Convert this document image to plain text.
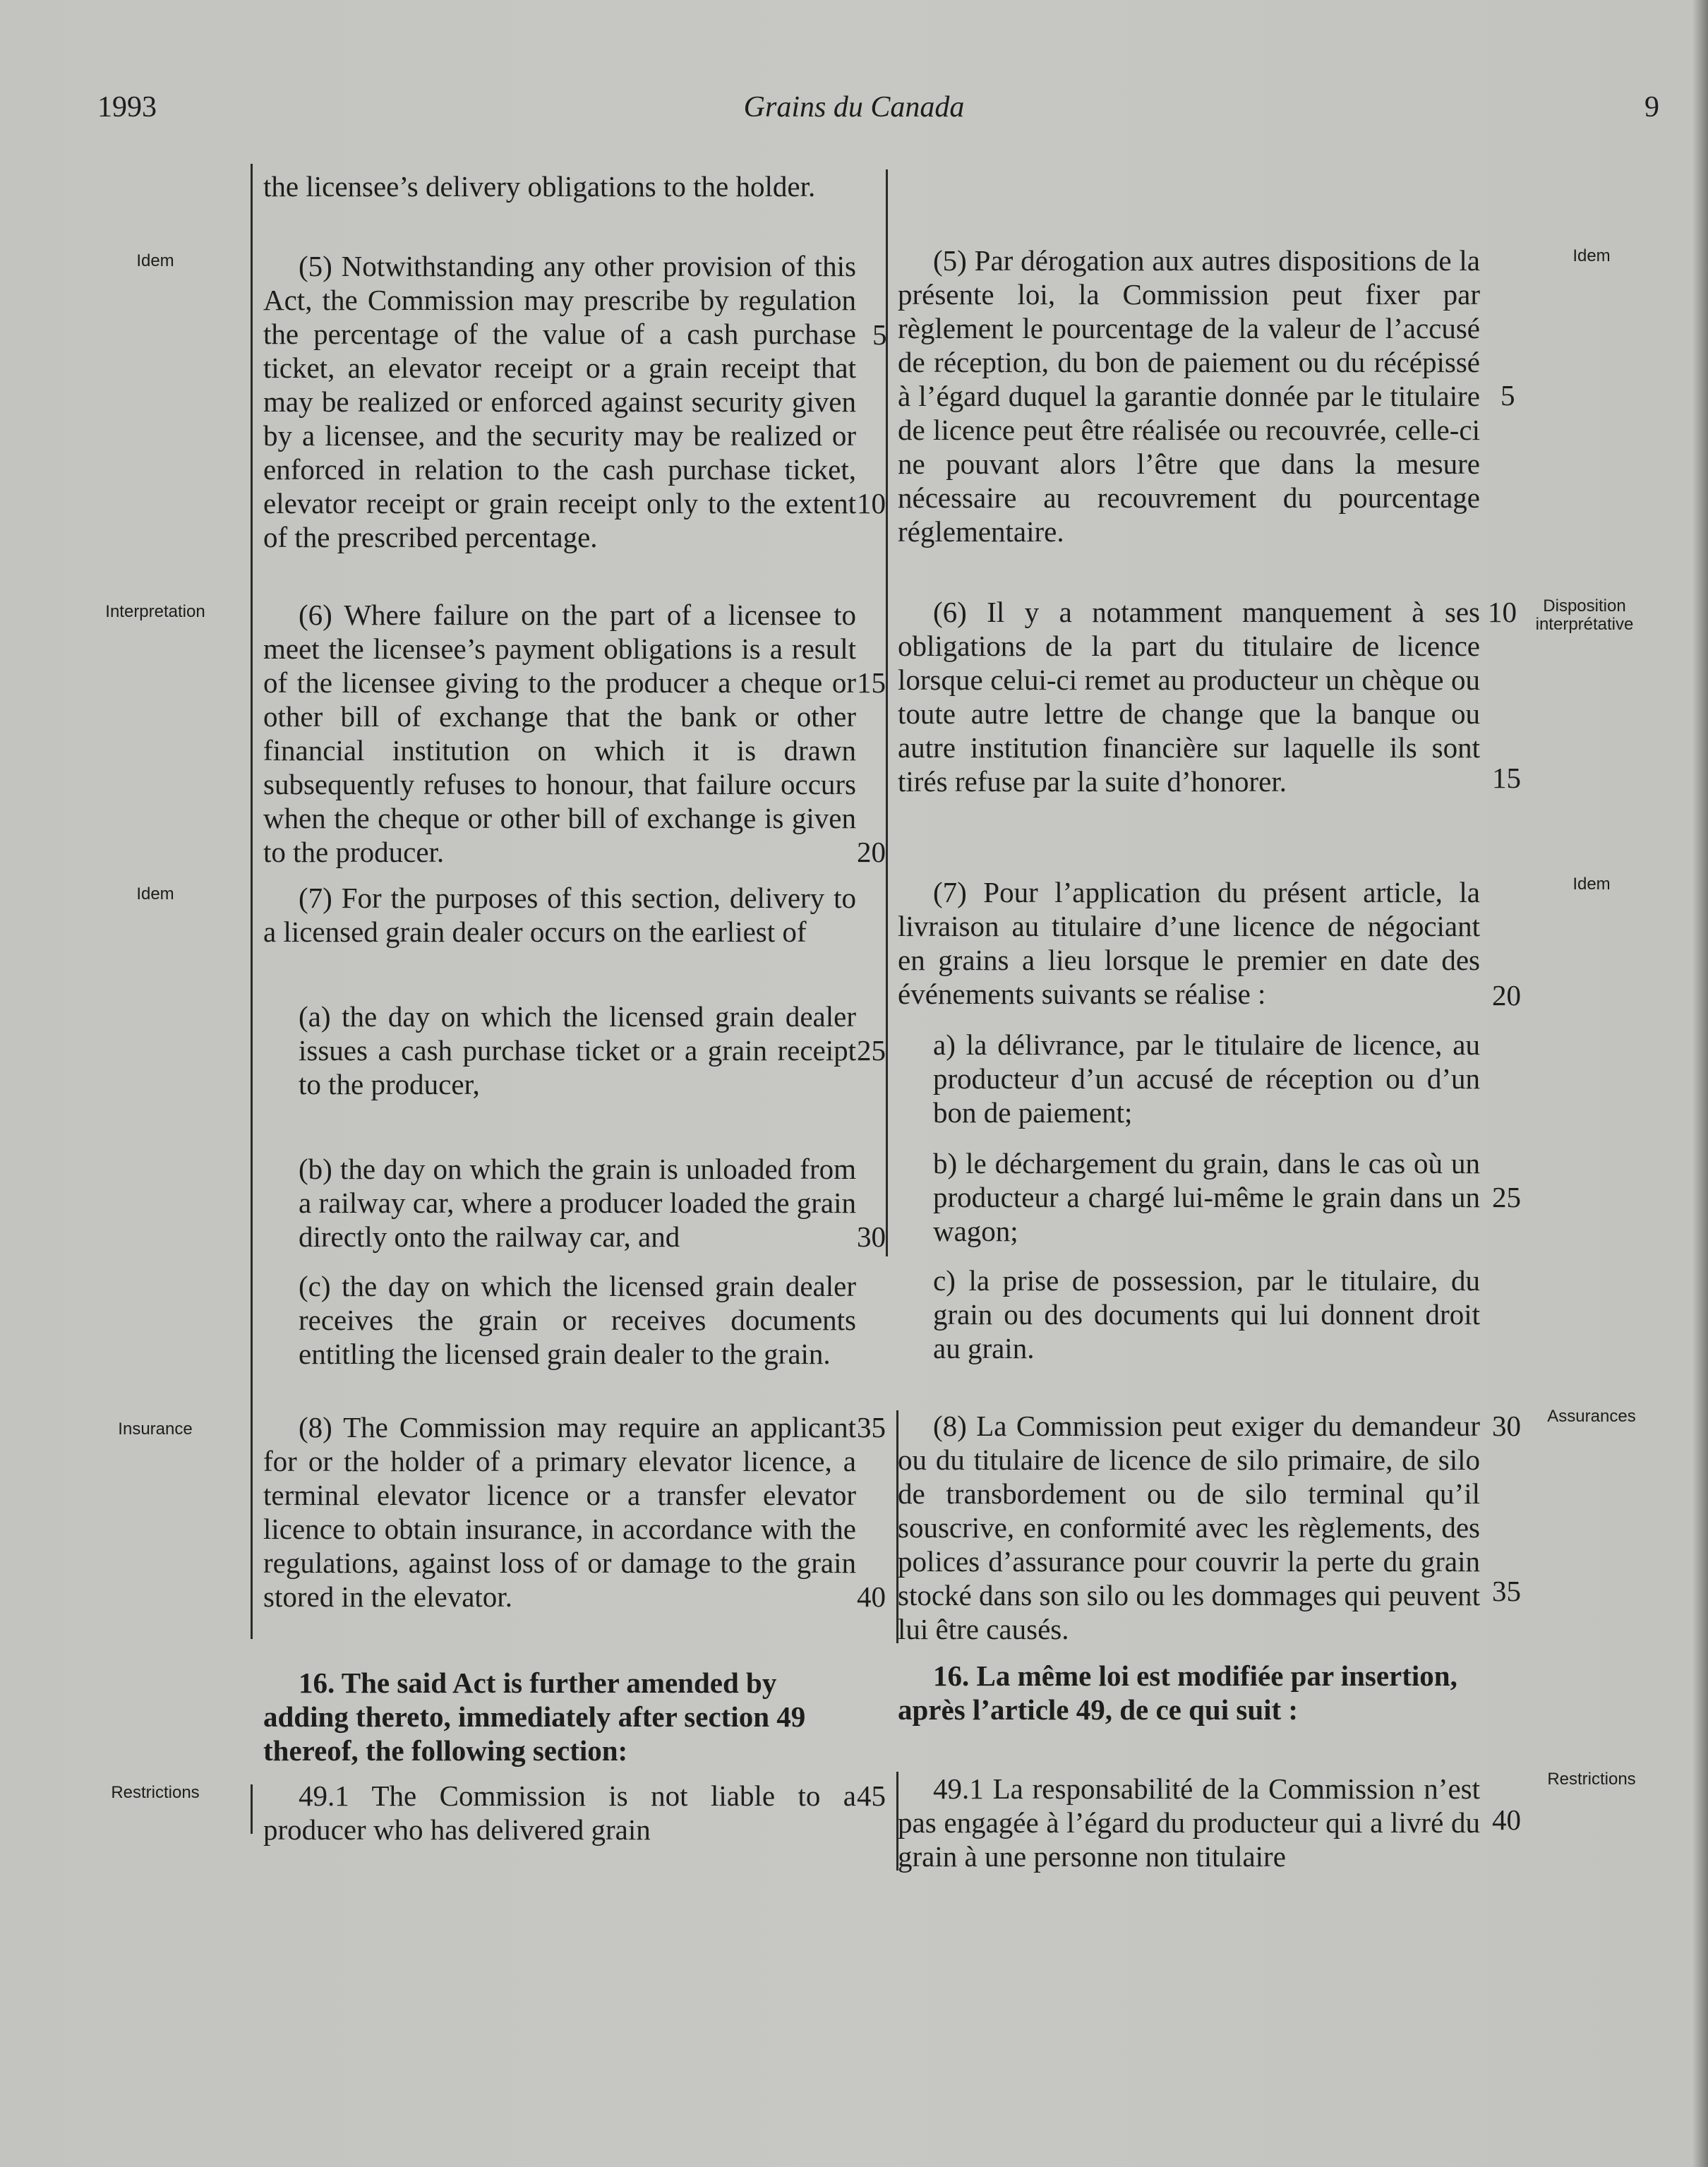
1993	Grains du Canada	9
Idem
Interpretation
Idem
Insurance
Restrictions
Idem
Disposition interprétative
Idem
Assurances
Restrictions

the licensee’s delivery obligations to the holder.

(5) Notwithstanding any other provision of this Act, the Commission may prescribe by regulation the percentage of the value of a cash purchase ticket, an elevator receipt or a grain receipt that may be realized or enforced against security given by a licensee, and the security may be realized or enforced in relation to the cash purchase ticket, elevator receipt or grain receipt only to the extent of the prescribed percentage.

(6) Where failure on the part of a licensee to meet the licensee’s payment obligations is a result of the licensee giving to the producer a cheque or other bill of exchange that the bank or other financial institution on which it is drawn subsequently refuses to honour, that failure occurs when the cheque or other bill of exchange is given to the producer.

(7) For the purposes of this section, delivery to a licensed grain dealer occurs on the earliest of

(a) the day on which the licensed grain dealer issues a cash purchase ticket or a grain receipt to the producer,

(b) the day on which the grain is unloaded from a railway car, where a producer loaded the grain directly onto the railway car, and

(c) the day on which the licensed grain dealer receives the grain or receives documents entitling the licensed grain dealer to the grain.

(8) The Commission may require an applicant for or the holder of a primary elevator licence, a terminal elevator licence or a transfer elevator licence to obtain insurance, in accordance with the regulations, against loss of or damage to the grain stored in the elevator.

16. The said Act is further amended by adding thereto, immediately after section 49 thereof, the following section:

49.1 The Commission is not liable to a producer who has delivered grain

5
10
15
20
25
30
35
40
45

(5) Par dérogation aux autres dispositions de la présente loi, la Commission peut fixer par règlement le pourcentage de la valeur de l’accusé de réception, du bon de paiement ou du récépissé à l’égard duquel la garantie donnée par le titulaire de licence peut être réalisée ou recouvrée, celle-ci ne pouvant alors l’être que dans la mesure nécessaire au recouvrement du pourcentage réglementaire.

(6) Il y a notamment manquement à ses obligations de la part du titulaire de licence lorsque celui-ci remet au producteur un chèque ou toute autre lettre de change que la banque ou autre institution financière sur laquelle ils sont tirés refuse par la suite d’honorer.

(7) Pour l’application du présent article, la livraison au titulaire d’une licence de négociant en grains a lieu lorsque le premier en date des événements suivants se réalise :

a) la délivrance, par le titulaire de licence, au producteur d’un accusé de réception ou d’un bon de paiement;

b) le déchargement du grain, dans le cas où un producteur a chargé lui-même le grain dans un wagon;

c) la prise de possession, par le titulaire, du grain ou des documents qui lui donnent droit au grain.

(8) La Commission peut exiger du demandeur ou du titulaire de licence de silo primaire, de silo de transbordement ou de silo terminal qu’il souscrive, en conformité avec les règlements, des polices d’assurance pour couvrir la perte du grain stocké dans son silo ou les dommages qui peuvent lui être causés.

16. La même loi est modifiée par insertion, après l’article 49, de ce qui suit :

49.1 La responsabilité de la Commission n’est pas engagée à l’égard du producteur qui a livré du grain à une personne non titulaire

5
10
15
20
25
30
35
40
